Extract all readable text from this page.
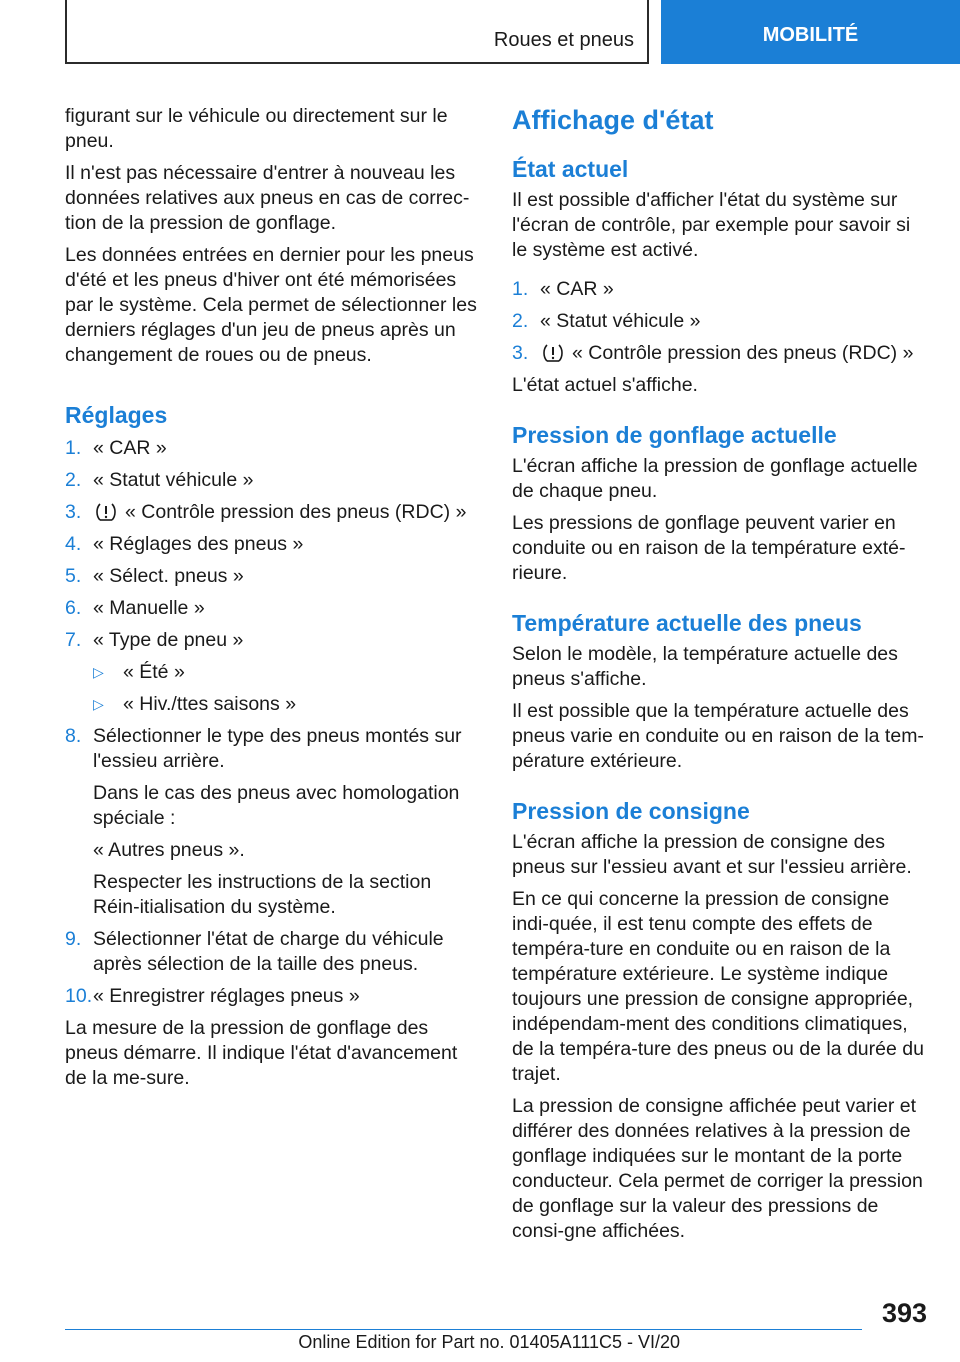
Roues et pneus	MOBILITÉ

figurant sur le véhicule ou directement sur le pneu.

Il n'est pas nécessaire d'entrer à nouveau les données relatives aux pneus en cas de correc-tion de la pression de gonflage.

Les données entrées en dernier pour les pneus d'été et les pneus d'hiver ont été mémorisées par le système. Cela permet de sélectionner les derniers réglages d'un jeu de pneus après un changement de roues ou de pneus.

Réglages
1. « CAR »
2. « Statut véhicule »
3.	« Contrôle pression des pneus (RDC) »
4. « Réglages des pneus »
5. « Sélect. pneus »
6. « Manuelle »
7. « Type de pneu »
▷ « Été »
▷ « Hiv./ttes saisons »
8. Sélectionner le type des pneus montés sur l'essieu arrière.

Dans le cas des pneus avec homologation spéciale :

« Autres pneus ».

Respecter les instructions de la section Réin-itialisation du système.

9. Sélectionner l'état de charge du véhicule après sélection de la taille des pneus.
10. « Enregistrer réglages pneus »

La mesure de la pression de gonflage des pneus démarre. Il indique l'état d'avancement de la me-sure.

Affichage d'état
État actuel

Il est possible d'afficher l'état du système sur l'écran de contrôle, par exemple pour savoir si le système est activé.

1. « CAR »
2. « Statut véhicule »
3.	« Contrôle pression des pneus (RDC) »

L'état actuel s'affiche.

Pression de gonflage actuelle

L'écran affiche la pression de gonflage actuelle de chaque pneu.

Les pressions de gonflage peuvent varier en conduite ou en raison de la température exté-rieure.

Température actuelle des pneus

Selon le modèle, la température actuelle des pneus s'affiche.

Il est possible que la température actuelle des pneus varie en conduite ou en raison de la tem-pérature extérieure.

Pression de consigne

L'écran affiche la pression de consigne des pneus sur l'essieu avant et sur l'essieu arrière.

En ce qui concerne la pression de consigne indi-quée, il est tenu compte des effets de tempéra-ture en conduite ou en raison de la température extérieure. Le système indique toujours une pression de consigne appropriée, indépendam-ment des conditions climatiques, de la tempéra-ture des pneus ou de la durée du trajet.

La pression de consigne affichée peut varier et différer des données relatives à la pression de gonflage indiquées sur le montant de la porte conducteur. Cela permet de corriger la pression de gonflage sur la valeur des pressions de consi-gne affichées.

393
Online Edition for Part no. 01405A111C5 - VI/20
